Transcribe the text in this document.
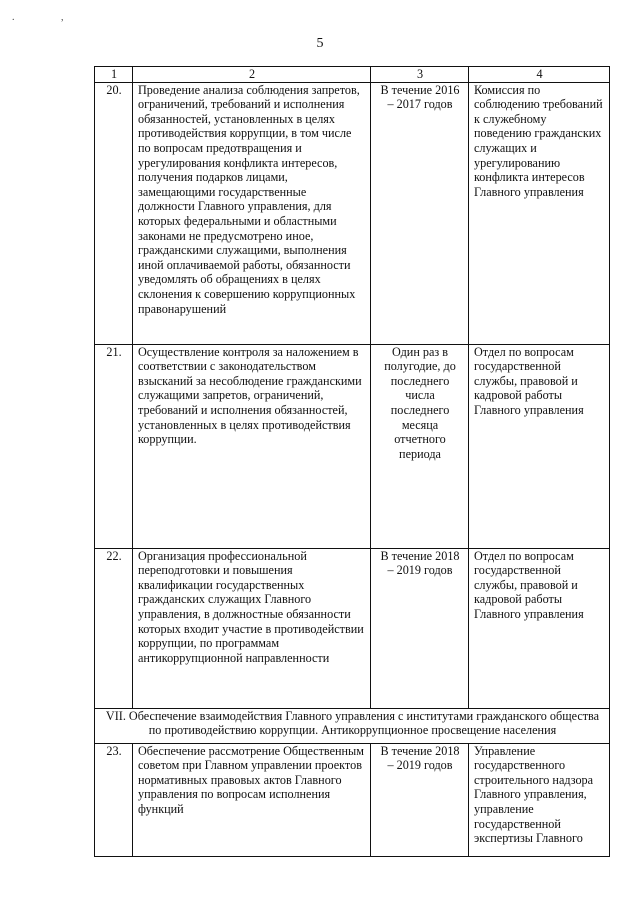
. ,
5
1	2	3	4
20.	Проведение анализа соблюдения запретов, ограничений, требований и исполнения обязанностей, установленных в целях противодействия коррупции, в том числе по вопросам предотвращения и урегулирования конфликта интересов, получения подарков лицами, замещающими государственные должности Главного управления, для которых федеральными и областными законами не предусмотрено иное, гражданскими служащими, выполнения иной оплачиваемой работы, обязанности уведомлять об обращениях в целях склонения к совершению коррупционных правонарушений	В течение 2016 – 2017 годов	Комиссия по соблюдению требований к служебному поведению гражданских служащих и урегулированию конфликта интересов Главного управления
21.	Осуществление контроля за наложением в соответствии с законодательством взысканий за несоблюдение гражданскими служащими запретов, ограничений, требований и исполнения обязанностей, установленных в целях противодействия коррупции.	Один раз в полугодие, до последнего числа последнего месяца отчетного периода	Отдел по вопросам государственной службы, правовой и кадровой работы Главного управления
22.	Организация профессиональной переподготовки и повышения квалификации государственных гражданских служащих Главного управления, в должностные обязанности которых входит участие в противодействии коррупции, по программам антикоррупционной направленности	В течение 2018 – 2019 годов	Отдел по вопросам государственной службы, правовой и кадровой работы Главного управления
VII. Обеспечение взаимодействия Главного управления с институтами гражданского общества по противодействию коррупции. Антикоррупционное просвещение населения			
23.	Обеспечение рассмотрение Общественным советом при Главном управлении проектов нормативных правовых актов Главного управления по вопросам исполнения функций	В течение 2018 – 2019 годов	Управление государственного строительного надзора Главного управления, управление государственной экспертизы Главного
